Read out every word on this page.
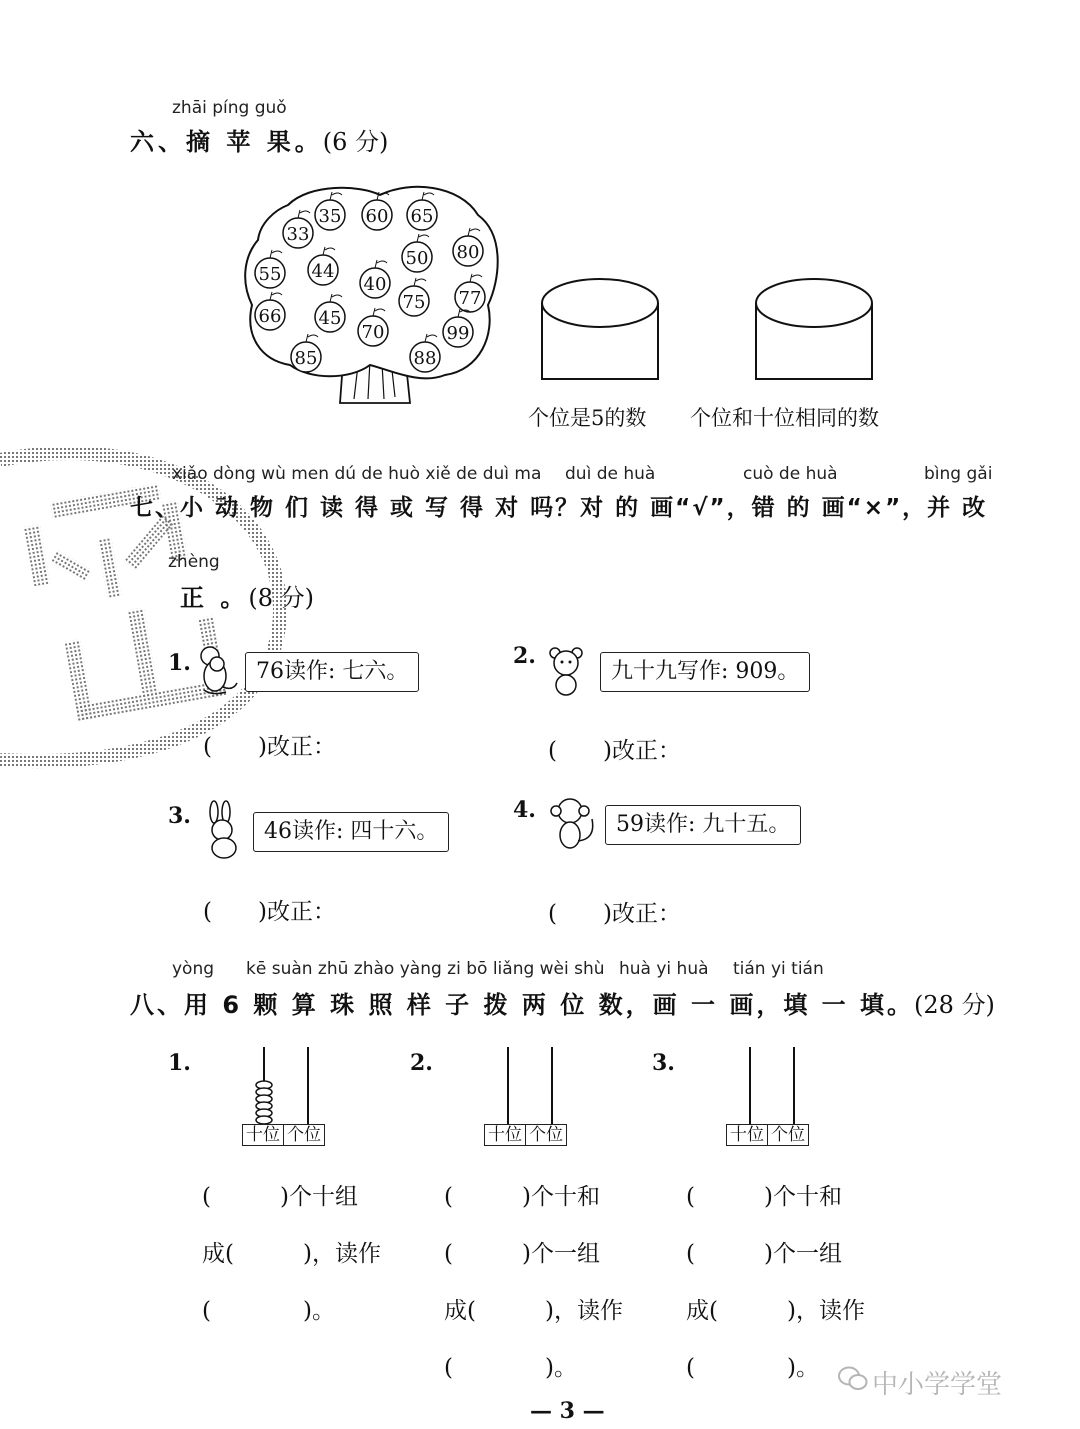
zhāi píng guǒ
六、摘 苹 果。(6 分)
33
35 60 65
55 44
50 80
40
66 45
75 77
70	99
85	88
个位是5的数 个位和十位相同的数
xiǎo dòng wù men dú de huò xiě de duì ma duì de huà	cuò de huà	bìng gǎi
七、小 动 物 们 读 得 或 写 得 对 吗？对 的 画“√”，错 的 画“×”，并 改
zhèng
正 。(8 分)
1.	76读作: 七六。
(　　)改正：
2.
九十九写作: 909。
(　　)改正：
3.
46读作: 四十六。
(　　)改正：
4.
59读作: 九十五。
(　　)改正：
yòng kē suàn zhū zhào yàng zi bō liǎng wèi shù huà yi huà tián yi tián
八、用 6 颗 算 珠 照 样 子 拨 两 位 数，画 一 画，填 一 填。(28 分)
1.
十位 个位
(　　　)个十组
成(　　　)，读作
(　　　　)。
2.
十位 个位
(　　　)个十和
(　　　)个一组
成(　　　)，读作
(　　　　)。
3.
十位 个位
(　　　)个十和
(　　　)个一组
成(　　　)，读作
(　　　　)。
中小学学堂
— 3 —
